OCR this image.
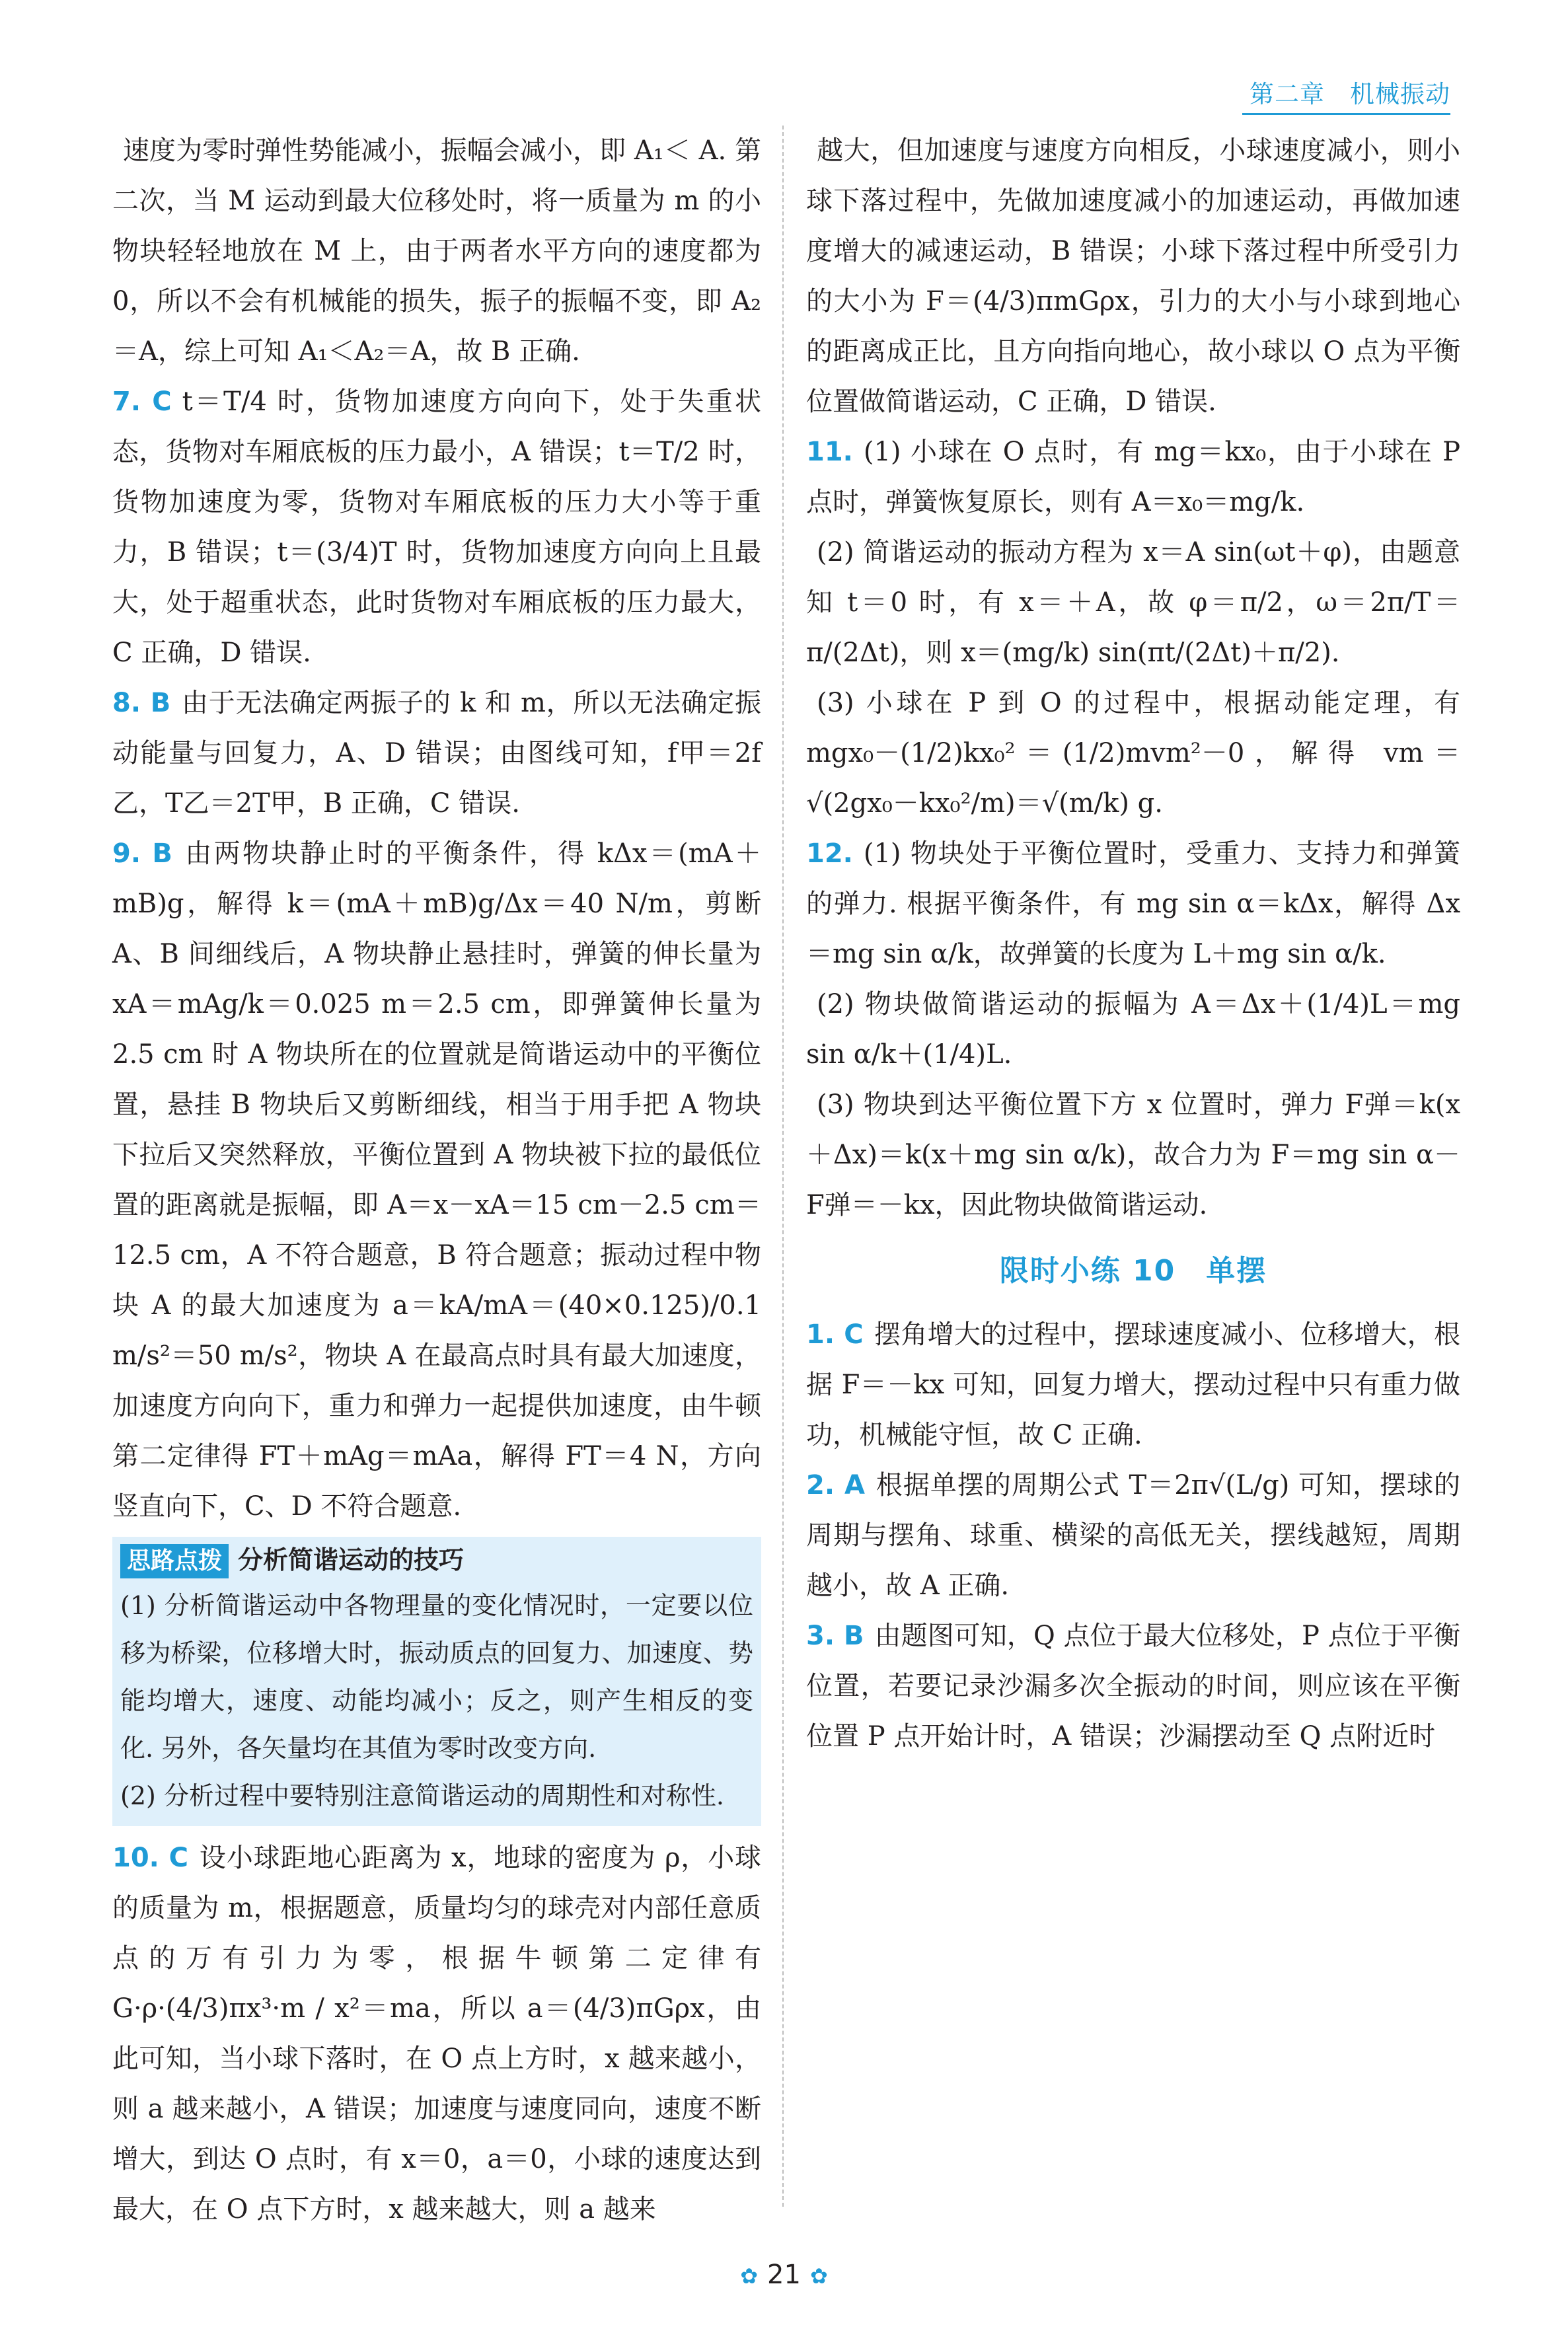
第二章　机械振动

速度为零时弹性势能减小，振幅会减小，即 A₁＜ A. 第二次，当 M 运动到最大位移处时，将一质量为 m 的小物块轻轻地放在 M 上，由于两者水平方向的速度都为 0，所以不会有机械能的损失，振子的振幅不变，即 A₂＝A，综上可知 A₁＜A₂＝A，故 B 正确.

7. C t＝T/4 时，货物加速度方向向下，处于失重状态，货物对车厢底板的压力最小，A 错误；t＝T/2 时，货物加速度为零，货物对车厢底板的压力大小等于重力，B 错误；t＝(3/4)T 时，货物加速度方向向上且最大，处于超重状态，此时货物对车厢底板的压力最大，C 正确，D 错误.

8. B 由于无法确定两振子的 k 和 m，所以无法确定振动能量与回复力，A、D 错误；由图线可知，f甲＝2f乙，T乙＝2T甲，B 正确，C 错误.

9. B 由两物块静止时的平衡条件，得 kΔx＝(mA＋mB)g，解得 k＝(mA＋mB)g/Δx＝40 N/m，剪断 A、B 间细线后，A 物块静止悬挂时，弹簧的伸长量为 xA＝mAg/k＝0.025 m＝2.5 cm，即弹簧伸长量为 2.5 cm 时 A 物块所在的位置就是简谐运动中的平衡位置，悬挂 B 物块后又剪断细线，相当于用手把 A 物块下拉后又突然释放，平衡位置到 A 物块被下拉的最低位置的距离就是振幅，即 A＝x－xA＝15 cm－2.5 cm＝12.5 cm，A 不符合题意，B 符合题意；振动过程中物块 A 的最大加速度为 a＝kA/mA＝(40×0.125)/0.1 m/s²＝50 m/s²，物块 A 在最高点时具有最大加速度，加速度方向向下，重力和弹力一起提供加速度，由牛顿第二定律得 FT＋mAg＝mAa，解得 FT＝4 N，方向竖直向下，C、D 不符合题意.

思路点拨 分析简谐运动的技巧

(1) 分析简谐运动中各物理量的变化情况时，一定要以位移为桥梁，位移增大时，振动质点的回复力、加速度、势能均增大，速度、动能均减小；反之，则产生相反的变化. 另外，各矢量均在其值为零时改变方向.

(2) 分析过程中要特别注意简谐运动的周期性和对称性.

10. C 设小球距地心距离为 x，地球的密度为 ρ，小球的质量为 m，根据题意，质量均匀的球壳对内部任意质点的万有引力为零，根据牛顿第二定律有 G·ρ·(4/3)πx³·m / x²＝ma，所以 a＝(4/3)πGρx，由此可知，当小球下落时，在 O 点上方时，x 越来越小，则 a 越来越小，A 错误；加速度与速度同向，速度不断增大，到达 O 点时，有 x＝0，a＝0，小球的速度达到最大，在 O 点下方时，x 越来越大，则 a 越来

越大，但加速度与速度方向相反，小球速度减小，则小球下落过程中，先做加速度减小的加速运动，再做加速度增大的减速运动，B 错误；小球下落过程中所受引力的大小为 F＝(4/3)πmGρx，引力的大小与小球到地心的距离成正比，且方向指向地心，故小球以 O 点为平衡位置做简谐运动，C 正确，D 错误.

11. (1) 小球在 O 点时，有 mg＝kx₀，由于小球在 P 点时，弹簧恢复原长，则有 A＝x₀＝mg/k.

(2) 简谐运动的振动方程为 x＝A sin(ωt＋φ)，由题意知 t＝0 时，有 x＝＋A，故 φ＝π/2，ω＝2π/T＝π/(2Δt)，则 x＝(mg/k) sin(πt/(2Δt)＋π/2).

(3) 小球在 P 到 O 的过程中，根据动能定理，有 mgx₀－(1/2)kx₀²＝(1/2)mvm²－0，解得 vm＝√(2gx₀－kx₀²/m)＝√(m/k) g.

12. (1) 物块处于平衡位置时，受重力、支持力和弹簧的弹力. 根据平衡条件，有 mg sin α＝kΔx，解得 Δx＝mg sin α/k，故弹簧的长度为 L＋mg sin α/k.

(2) 物块做简谐运动的振幅为 A＝Δx＋(1/4)L＝mg sin α/k＋(1/4)L.

(3) 物块到达平衡位置下方 x 位置时，弹力 F弹＝k(x＋Δx)＝k(x＋mg sin α/k)，故合力为 F＝mg sin α－F弹＝－kx，因此物块做简谐运动.

限时小练 10　单摆

1. C 摆角增大的过程中，摆球速度减小、位移增大，根据 F＝－kx 可知，回复力增大，摆动过程中只有重力做功，机械能守恒，故 C 正确.

2. A 根据单摆的周期公式 T＝2π√(L/g) 可知，摆球的周期与摆角、球重、横梁的高低无关，摆线越短，周期越小，故 A 正确.

3. B 由题图可知，Q 点位于最大位移处，P 点位于平衡位置，若要记录沙漏多次全振动的时间，则应该在平衡位置 P 点开始计时，A 错误；沙漏摆动至 Q 点附近时

✿ 21 ✿
